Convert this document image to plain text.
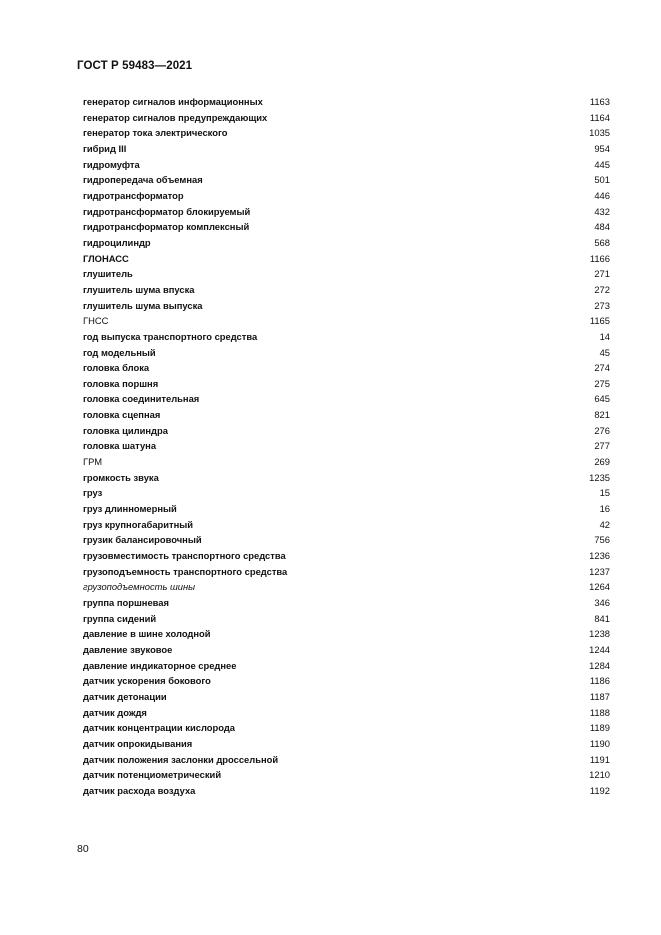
ГОСТ Р 59483—2021
генератор сигналов информационных	1163
генератор сигналов предупреждающих	1164
генератор тока электрического	1035
гибрид III	954
гидромуфта	445
гидропередача объемная	501
гидротрансформатор	446
гидротрансформатор блокируемый	432
гидротрансформатор комплексный	484
гидроцилиндр	568
ГЛОНАСС	1166
глушитель	271
глушитель шума впуска	272
глушитель шума выпуска	273
ГНСС	1165
год выпуска транспортного средства	14
год модельный	45
головка блока	274
головка поршня	275
головка соединительная	645
головка сцепная	821
головка цилиндра	276
головка шатуна	277
ГРМ	269
громкость звука	1235
груз	15
груз длинномерный	16
груз крупногабаритный	42
грузик балансировочный	756
грузовместимость транспортного средства	1236
грузоподъемность транспортного средства	1237
грузоподъемность шины	1264
группа поршневая	346
группа сидений	841
давление в шине холодной	1238
давление звуковое	1244
давление индикаторное среднее	1284
датчик ускорения бокового	1186
датчик детонации	1187
датчик дождя	1188
датчик концентрации кислорода	1189
датчик опрокидывания	1190
датчик положения заслонки дроссельной	1191
датчик потенциометрический	1210
датчик расхода воздуха	1192
80
